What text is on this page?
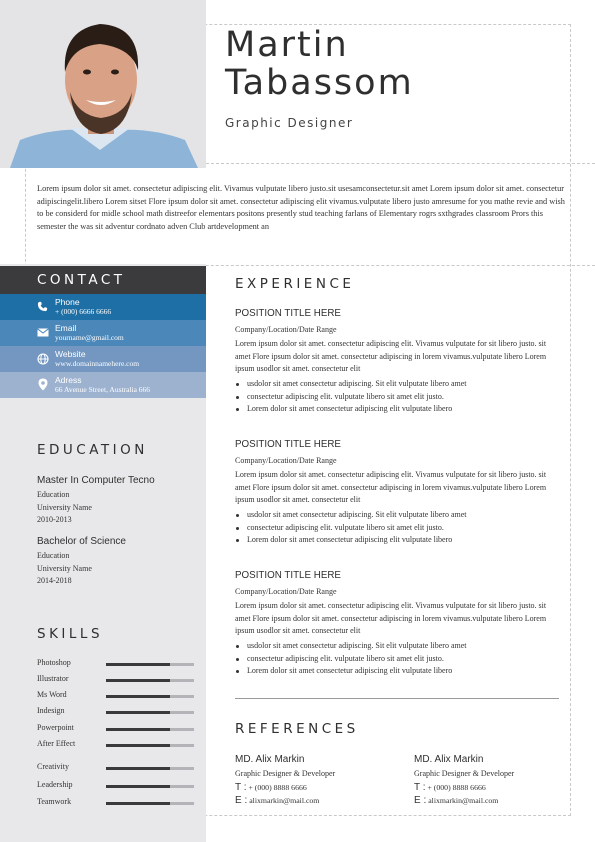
Martin
Tabassom
Graphic Designer
Lorem ipsum dolor sit amet. consectetur adipiscing elit. Vivamus vulputate libero justo.sit usesamconsectetur.sit amet Lorem ipsum dolor sit amet. consectetur adipiscingelit.libero Lorem sitset Flore ipsum dolor sit amet. consectetur adipiscing elit vivamus.vulputate libero justo amresume for you mathe revie and wish to be considerd for midle school math distreefor elementars positons presently stud teaching farlans of Elementary rogrs sxthgrades classroom Prors this semester the was sit adventur cordnato adven Club artdevelopment an
CONTACT
Phone
+ (000) 6666 6666
Email
yourname@gmail.com
Website
www.domainnamehere.com
Adress
66 Avenue Street, Australia 666
EDUCATION
Master In Computer Tecno
Education
University Name
2010-2013
Bachelor of Science
Education
University Name
2014-2018
SKILLS
Photoshop
Illustrator
Ms Word
Indesign
Powerpoint
After Effect
Creativity
Leadership
Teamwork
EXPERIENCE
POSITION TITLE HERE
Company/Location/Date Range
Lorem ipsum dolor sit amet. consectetur adipiscing elit. Vivamus vulputate for sit libero justo. sit amet Flore ipsum dolor sit amet. consectetur adipiscing in lorem vivamus.vulputate libero Lorem ipsum usodlor sit amet. consectetur elit
usdolor sit amet consectetur adipiscing. Sit elit vulputate libero amet
consectetur adipiscing elit. vulputate libero sit amet elit justo.
Lorem dolor sit amet consectetur adipiscing elit vulputate libero
POSITION TITLE HERE
Company/Location/Date Range
Lorem ipsum dolor sit amet. consectetur adipiscing elit. Vivamus vulputate for sit libero justo. sit amet Flore ipsum dolor sit amet. consectetur adipiscing in lorem vivamus.vulputate libero Lorem ipsum usodlor sit amet. consectetur elit
usdolor sit amet consectetur adipiscing. Sit elit vulputate libero amet
consectetur adipiscing elit. vulputate libero sit amet elit justo.
Lorem dolor sit amet consectetur adipiscing elit vulputate libero
POSITION TITLE HERE
Company/Location/Date Range
Lorem ipsum dolor sit amet. consectetur adipiscing elit. Vivamus vulputate for sit libero justo. sit amet Flore ipsum dolor sit amet. consectetur adipiscing in lorem vivamus.vulputate libero Lorem ipsum usodlor sit amet. consectetur elit
usdolor sit amet consectetur adipiscing. Sit elit vulputate libero amet
consectetur adipiscing elit. vulputate libero sit amet elit justo.
Lorem dolor sit amet consectetur adipiscing elit vulputate libero
REFERENCES
MD. Alix Markin
Graphic Designer & Developer
T : + (000) 8888 6666
E : alixmarkin@mail.com
MD. Alix Markin
Graphic Designer & Developer
T : + (000) 8888 6666
E : alixmarkin@mail.com
